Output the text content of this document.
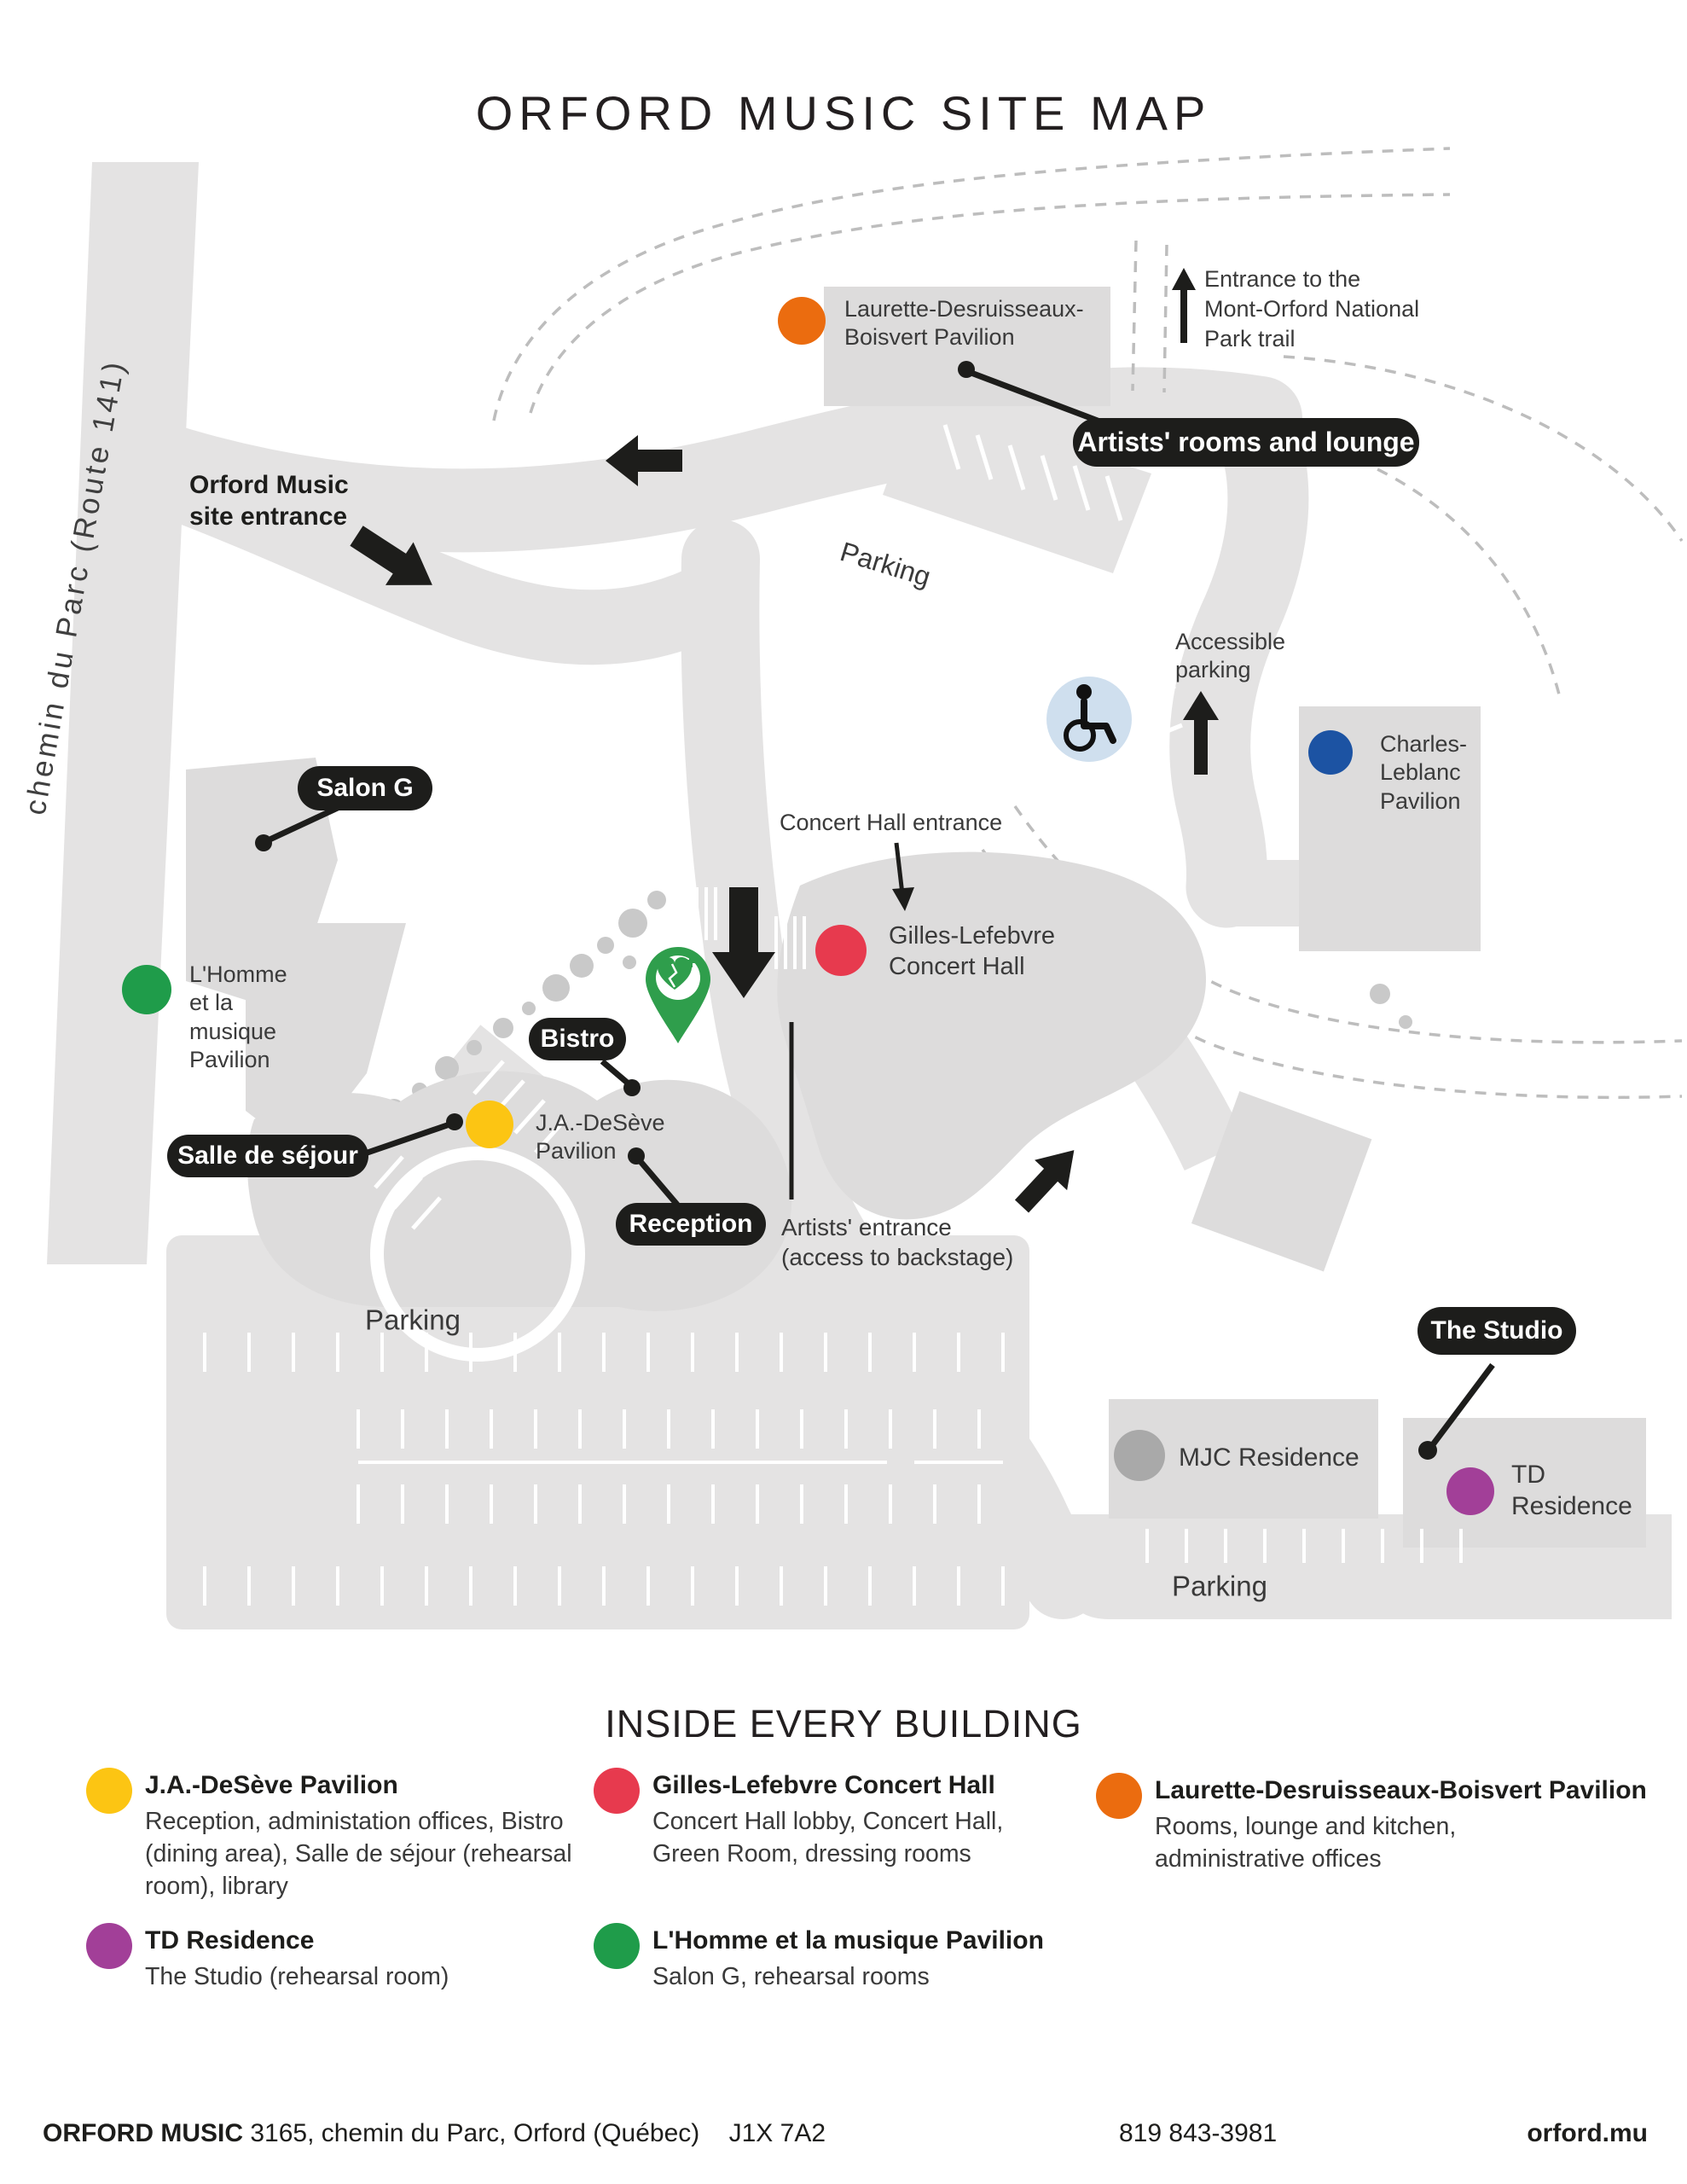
ORFORD MUSIC SITE MAP
Orford Music
site entrance
chemin du Parc (Route 141)	Parking
Accessible
parking
Entrance to the
Mont-Orford National
Park trail
Concert Hall entrance
Artists' entrance
(access to backstage)
Parking
Parking
Laurette-Desruisseaux-
Boisvert Pavilion
Charles-
Leblanc
Pavilion
Gilles-Lefebvre
Concert Hall
L'Homme
et la
musique
Pavilion
J.A.-DeSève
Pavilion
MJC Residence
TD
Residence
Artists' rooms and lounge
Salon G
Bistro
Salle de séjour
Reception
The Studio
INSIDE EVERY BUILDING
J.A.-DeSève Pavilion
Reception, administation offices, Bistro
(dining area), Salle de séjour (rehearsal
room), library
TD Residence
The Studio (rehearsal room)
Gilles-Lefebvre Concert Hall
Concert Hall lobby, Concert Hall,
Green Room, dressing rooms
L'Homme et la musique Pavilion
Salon G, rehearsal rooms
Laurette-Desruisseaux-Boisvert Pavilion
Rooms, lounge and kitchen,
administrative offices
ORFORD MUSIC 3165, chemin du Parc, Orford (Québec) J1X 7A2	819 843-3981	orford.mu
